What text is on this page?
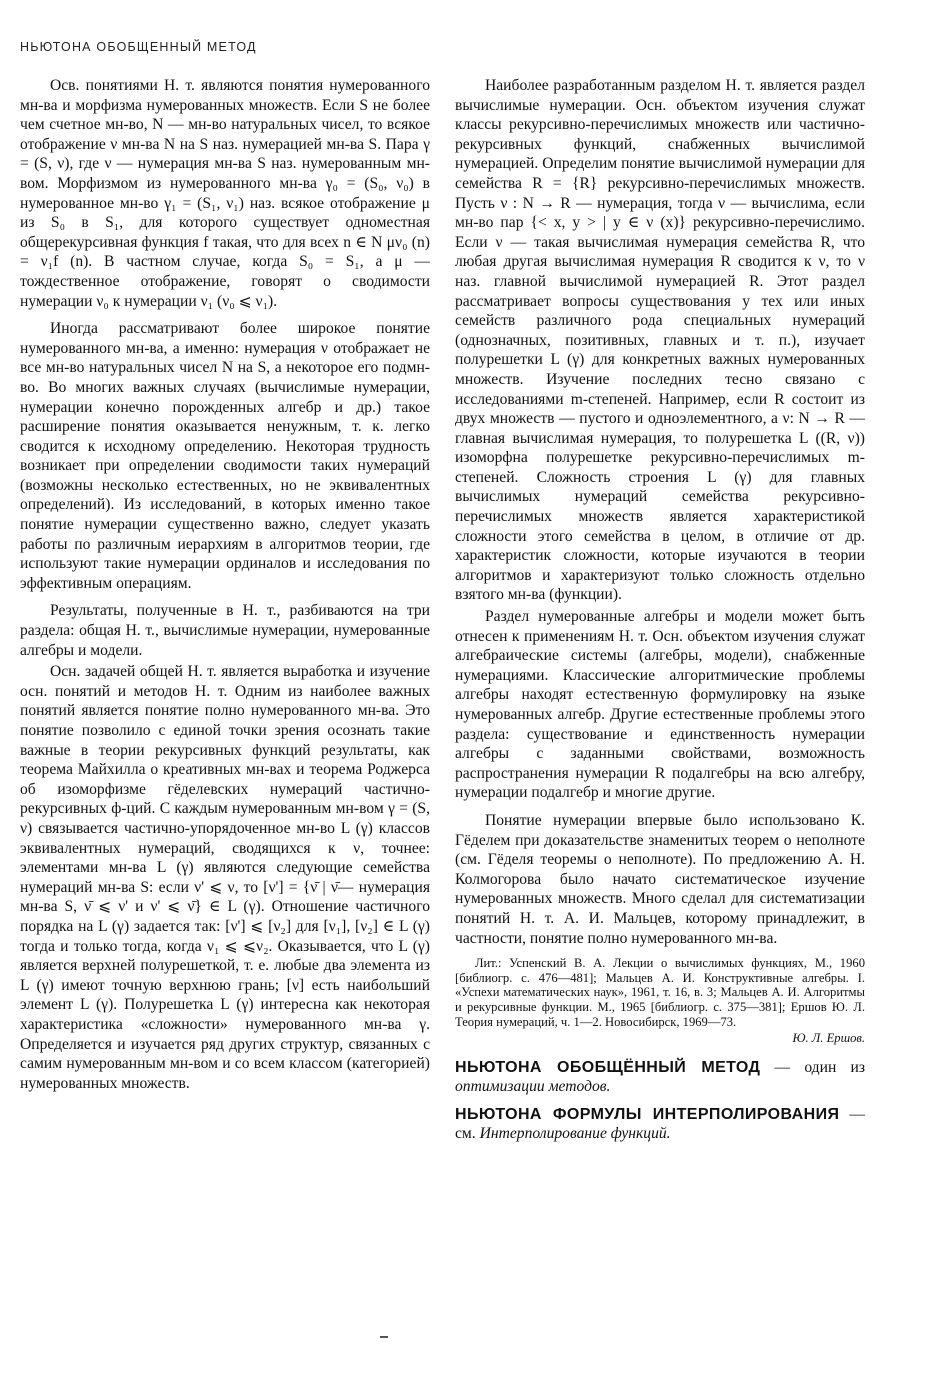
НЬЮТОНА ОБОБЩЕННЫЙ МЕТОД

Осв. понятиями Н. т. являются понятия нумерованного мн-ва и морфизма нумерованных множеств. Если S не более чем счетное мн-во, N — мн-во натуральных чисел, то всякое отображение ν мн-ва N на S наз. нумерацией мн-ва S. Пара γ = (S, ν), где ν — нумерация мн-ва S наз. нумерованным мн-вом. Морфизмом из нумерованного мн-ва γ₀ = (S₀, ν₀) в нумерованное мн-во γ₁ = (S₁, ν₁) наз. всякое отображение μ из S₀ в S₁, для которого существует одноместная общерекурсивная функция f такая, что для всех n ∈ N μν₀ (n) = ν₁f (n). В частном случае, когда S₀ = S₁, а μ — тождественное отображение, говорят о сводимости нумерации ν₀ к нумерации ν₁ (ν₀ ⩽ ν₁).

Иногда рассматривают более широкое понятие нумерованного мн-ва, а именно: нумерация ν отображает не все мн-во натуральных чисел N на S, а некоторое его подмн-во. Во многих важных случаях (вычислимые нумерации, нумерации конечно порожденных алгебр и др.) такое расширение понятия оказывается ненужным, т. к. легко сводится к исходному определению. Некоторая трудность возникает при определении сводимости таких нумераций (возможны несколько естественных, но не эквивалентных определений). Из исследований, в которых именно такое понятие нумерации существенно важно, следует указать работы по различным иерархиям в алгоритмов теории, где используют такие нумерации ординалов и исследования по эффективным операциям.

Результаты, полученные в Н. т., разбиваются на три раздела: общая Н. т., вычислимые нумерации, нумерованные алгебры и модели.

Осн. задачей общей Н. т. является выработка и изучение осн. понятий и методов Н. т. Одним из наиболее важных понятий является понятие полно нумерованного мн-ва. Это понятие позволило с единой точки зрения осознать такие важные в теории рекурсивных функций результаты, как теорема Майхилла о креативных мн-вах и теорема Роджерса об изоморфизме гёделевских нумераций частично-рекурсивных ф-ций. С каждым нумерованным мн-вом γ = (S, ν) связывается частично-упорядоченное мн-во L (γ) классов эквивалентных нумераций, сводящихся к ν, точнее: элементами мн-ва L (γ) являются следующие семейства нумераций мн-ва S: если ν' ⩽ ν, то [ν'] = {ν̄ | ν̄— нумерация мн-ва S, ν̄ ⩽ ν' и ν' ⩽ ν̄} ∈ L (γ). Отношение частичного порядка на L (γ) задается так: [ν'] ⩽ [ν₂] для [ν₁], [ν₂] ∈ L (γ) тогда и только тогда, когда ν₁ ⩽ ⩽ν₂. Оказывается, что L (γ) является верхней полурешеткой, т. е. любые два элемента из L (γ) имеют точную верхнюю грань; [ν] есть наибольший элемент L (γ). Полурешетка L (γ) интересна как некоторая характеристика «сложности» нумерованного мн-ва γ. Определяется и изучается ряд других структур, связанных с самим нумерованным мн-вом и со всем классом (категорией) нумерованных множеств.

Наиболее разработанным разделом Н. т. является раздел вычислимые нумерации. Осн. объектом изучения служат классы рекурсивно-перечислимых множеств или частично-рекурсивных функций, снабженных вычислимой нумерацией. Определим понятие вычислимой нумерации для семейства R = {R} рекурсивно-перечислимых множеств. Пусть ν : N → R — нумерация, тогда ν — вычислима, если мн-во пар {< x, y > | y ∈ ν (x)} рекурсивно-перечислимо. Если ν — такая вычислимая нумерация семейства R, что любая другая вычислимая нумерация R сводится к ν, то ν наз. главной вычислимой нумерацией R. Этот раздел рассматривает вопросы существования у тех или иных семейств различного рода специальных нумераций (однозначных, позитивных, главных и т. п.), изучает полурешетки L (γ) для конкретных важных нумерованных множеств. Изучение последних тесно связано с исследованиями m-степеней. Например, если R состоит из двух множеств — пустого и одноэлементного, а ν: N → R — главная вычислимая нумерация, то полурешетка L ((R, ν)) изоморфна полурешетке рекурсивно-перечислимых m-степеней. Сложность строения L (γ) для главных вычислимых нумераций семейства рекурсивно-перечислимых множеств является характеристикой сложности этого семейства в целом, в отличие от др. характеристик сложности, которые изучаются в теории алгоритмов и характеризуют только сложность отдельно взятого мн-ва (функции).

Раздел нумерованные алгебры и модели может быть отнесен к применениям Н. т. Осн. объектом изучения служат алгебраические системы (алгебры, модели), снабженные нумерациями. Классические алгоритмические проблемы алгебры находят естественную формулировку на языке нумерованных алгебр. Другие естественные проблемы этого раздела: существование и единственность нумерации алгебры с заданными свойствами, возможность распространения нумерации R подалгебры на всю алгебру, нумерации подалгебр и многие другие.

Понятие нумерации впервые было использовано К. Гёделем при доказательстве знаменитых теорем о неполноте (см. Гёделя теоремы о неполноте). По предложению А. Н. Колмогорова было начато систематическое изучение нумерованных множеств. Много сделал для систематизации понятий Н. т. А. И. Мальцев, которому принадлежит, в частности, понятие полно нумерованного мн-ва.

Лит.: Успенский В. А. Лекции о вычислимых функциях, М., 1960 [библиогр. с. 476—481]; Мальцев А. И. Конструктивные алгебры. I. «Успехи математических наук», 1961, т. 16, в. 3; Мальцев А. И. Алгоритмы и рекурсивные функции. М., 1965 [библиогр. с. 375—381]; Ершов Ю. Л. Теория нумераций, ч. 1—2. Новосибирск, 1969—73.

Ю. Л. Ершов.

НЬЮТОНА ОБОБЩЁННЫЙ МЕТОД — один из оптимизации методов.

НЬЮТОНА ФОРМУЛЫ ИНТЕРПОЛИРОВАНИЯ — см. Интерполирование функций.
